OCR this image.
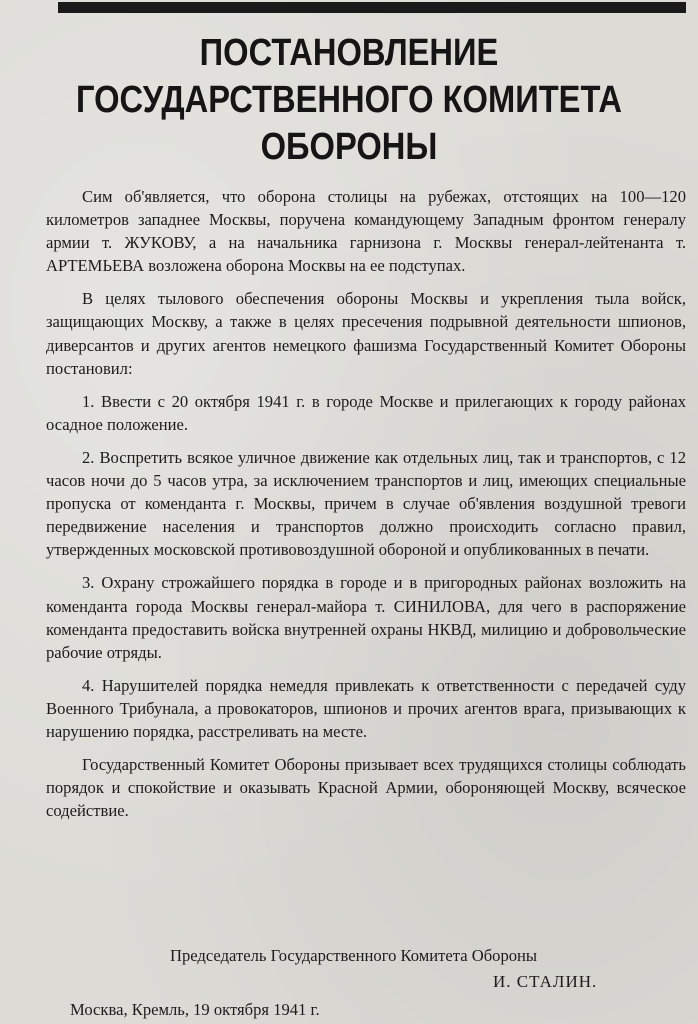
ПОСТАНОВЛЕНИЕ
ГОСУДАРСТВЕННОГО КОМИТЕТА
ОБОРОНЫ

Сим об'является, что оборона столицы на рубежах, отстоящих на 100—120 километров западнее Москвы, поручена командующему Западным фронтом генералу армии т. ЖУКОВУ, а на начальника гарнизона г. Москвы генерал-лейтенанта т. АРТЕМЬЕВА возложена оборона Москвы на ее подступах.

В целях тылового обеспечения обороны Москвы и укрепления тыла войск, защищающих Москву, а также в целях пресечения подрывной деятельности шпионов, диверсантов и других агентов немецкого фашизма Государственный Комитет Обороны постановил:

1. Ввести с 20 октября 1941 г. в городе Москве и прилегающих к городу районах осадное положение.

2. Воспретить всякое уличное движение как отдельных лиц, так и транспортов, с 12 часов ночи до 5 часов утра, за исключением транспортов и лиц, имеющих специальные пропуска от коменданта г. Москвы, причем в случае об'явления воздушной тревоги передвижение населения и транспортов должно происходить согласно правил, утвержденных московской противовоздушной обороной и опубликованных в печати.

3. Охрану строжайшего порядка в городе и в пригородных районах возложить на коменданта города Москвы генерал-майора т. СИНИЛОВА, для чего в распоряжение коменданта предоставить войска внутренней охраны НКВД, милицию и добровольческие рабочие отряды.

4. Нарушителей порядка немедля привлекать к ответственности с передачей суду Военного Трибунала, а провокаторов, шпионов и прочих агентов врага, призывающих к нарушению порядка, расстреливать на месте.

Государственный Комитет Обороны призывает всех трудящихся столицы соблюдать порядок и спокойствие и оказывать Красной Армии, обороняющей Москву, всяческое содействие.

Председатель Государственного Комитета Обороны
И. СТАЛИН.
Москва, Кремль, 19 октября 1941 г.
